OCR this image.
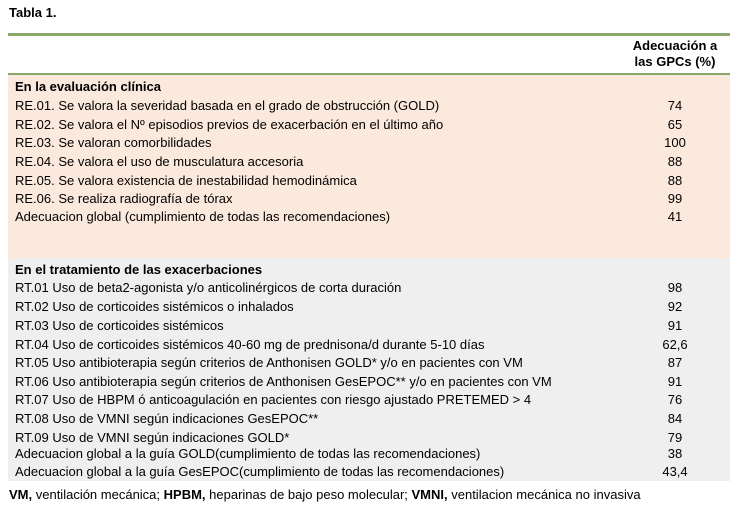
Tabla 1.
Adecuación a
las GPCs (%)
En la evaluación clínica
RE.01. Se valora la severidad basada en el grado de obstrucción (GOLD)	74
RE.02. Se valora el Nº episodios previos de exacerbación en el último año	65
RE.03. Se valoran comorbilidades	100
RE.04. Se valora el uso de musculatura accesoria	88
RE.05. Se valora existencia de inestabilidad hemodinámica	88
RE.06. Se realiza radiografía de tórax	99
Adecuacion global (cumplimiento de todas las recomendaciones)	41
En el tratamiento de las exacerbaciones
RT.01 Uso de beta2-agonista y/o anticolinérgicos de corta duración	98
RT.02 Uso de corticoides sistémicos o inhalados	92
RT.03 Uso de corticoides sistémicos	91
RT.04 Uso de corticoides sistémicos 40-60 mg de prednisona/d durante 5-10 días	62,6
RT.05 Uso antibioterapia según criterios de Anthonisen GOLD* y/o en pacientes con VM	87
RT.06 Uso antibioterapia según criterios de Anthonisen GesEPOC** y/o en pacientes con VM	91
RT.07 Uso de HBPM ó anticoagulación en pacientes con riesgo ajustado PRETEMED > 4	76
RT.08 Uso de VMNI según indicaciones GesEPOC**	84
RT.09 Uso de VMNI según indicaciones GOLD*	79
Adecuacion global a la guía GOLD(cumplimiento de todas las recomendaciones)	38
Adecuacion global a la guía GesEPOC(cumplimiento de todas las recomendaciones)	43,4
VM, ventilación mecánica; HPBM, heparinas de bajo peso molecular; VMNI, ventilacion mecánica no invasiva
